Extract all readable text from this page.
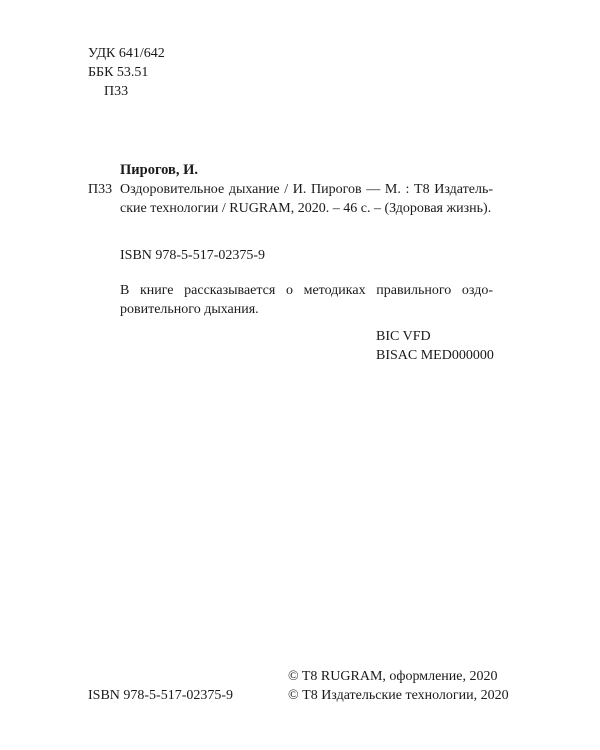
УДК 641/642
ББК 53.51
П33
Пирогов, И.
П33 Оздоровительное дыхание / И. Пирогов — М. : Т8 Издатель-
ские технологии / RUGRAM, 2020. – 46 с. – (Здоровая жизнь).
ISBN 978-5-517-02375-9
В книге рассказывается о методиках правильного оздо-
ровительного дыхания.
BIC VFD
BISAC MED000000
© T8 RUGRAM, оформление, 2020
© Т8 Издательские технологии, 2020
ISBN 978-5-517-02375-9
